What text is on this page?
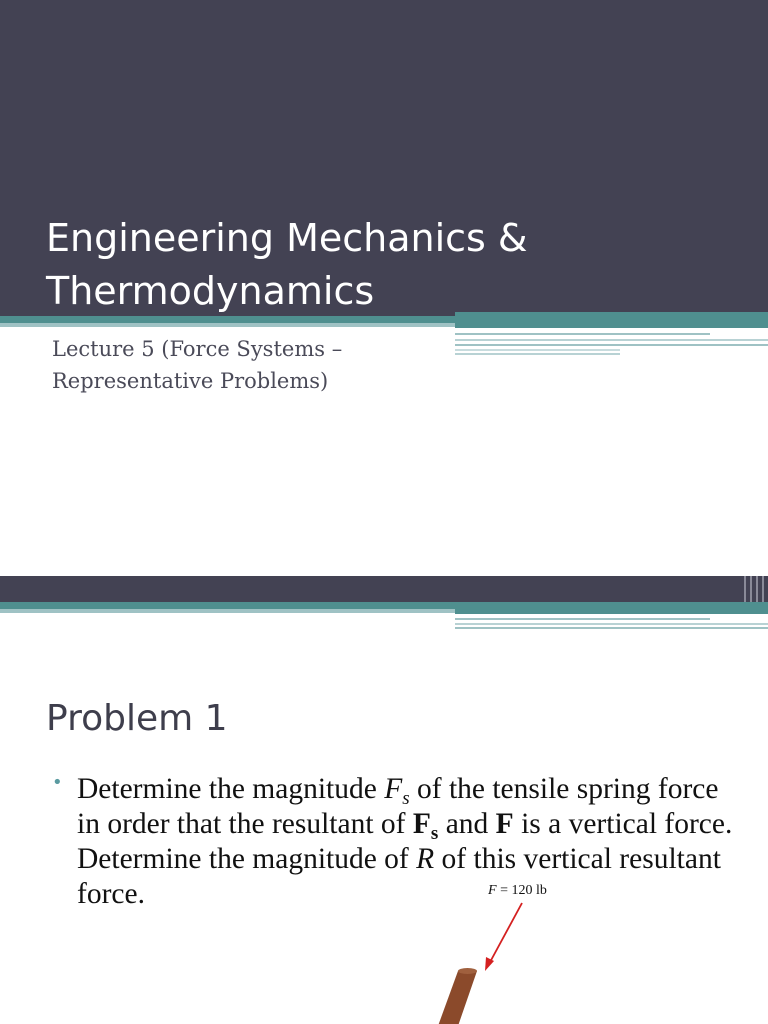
Engineering Mechanics &
Thermodynamics

Lecture 5 (Force Systems –
Representative Problems)

Problem 1
• Determine the magnitude $F_s$ of the tensile spring force in order that the resultant of $F_s$ and F is a vertical force. Determine the magnitude of R of this vertical resultant force.	F = 120 lb
